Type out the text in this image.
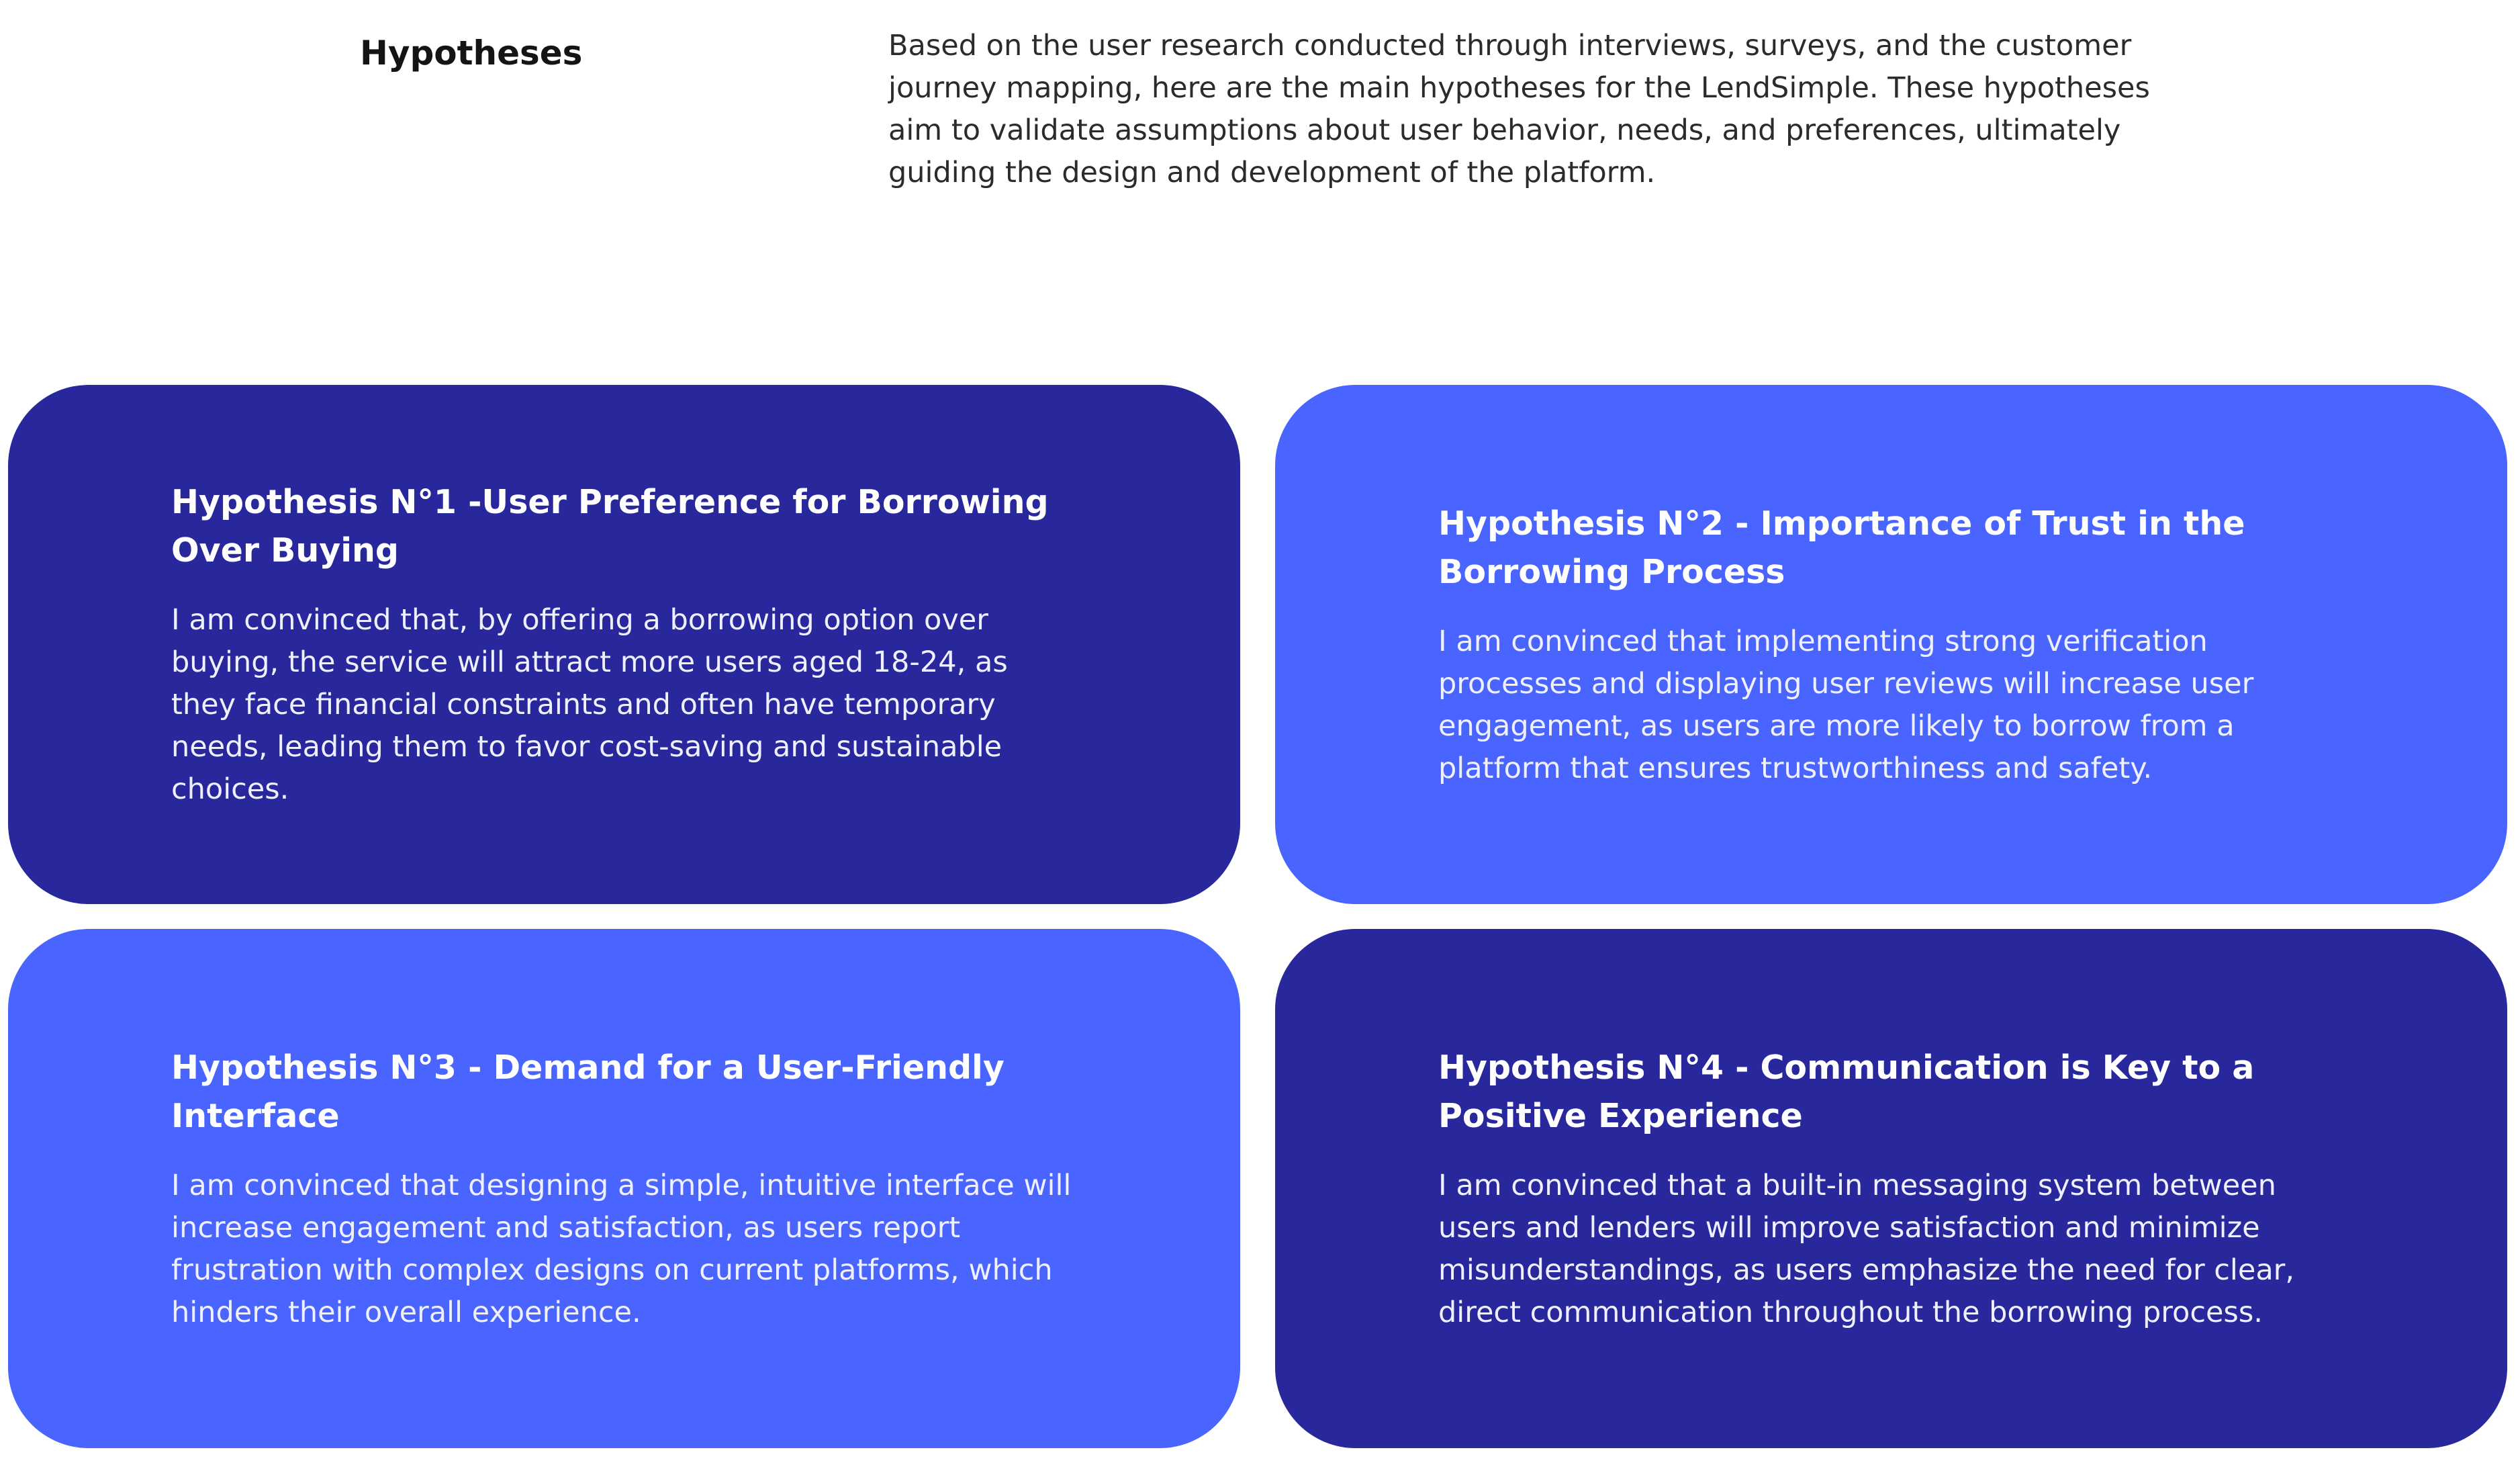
Hypotheses	Based on the user research conducted through interviews, surveys, and the customer journey mapping, here are the main hypotheses for the LendSimple. These hypotheses aim to validate assumptions about user behavior, needs, and preferences, ultimately guiding the design and development of the platform.

Hypothesis N°1 -User Preference for Borrowing Over Buying

I am convinced that, by offering a borrowing option over buying, the service will attract more users aged 18-24, as they face financial constraints and often have temporary needs, leading them to favor cost-saving and sustainable choices.

Hypothesis N°2 - Importance of Trust in the Borrowing Process

I am convinced that implementing strong verification processes and displaying user reviews will increase user engagement, as users are more likely to borrow from a platform that ensures trustworthiness and safety.

Hypothesis N°3 - Demand for a User-Friendly Interface

I am convinced that designing a simple, intuitive interface will increase engagement and satisfaction, as users report frustration with complex designs on current platforms, which hinders their overall experience.

Hypothesis N°4 - Communication is Key to a Positive Experience

I am convinced that a built-in messaging system between users and lenders will improve satisfaction and minimize misunderstandings, as users emphasize the need for clear, direct communication throughout the borrowing process.
